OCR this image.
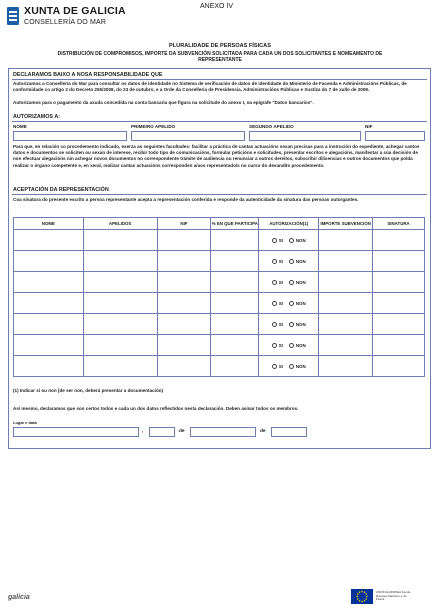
XUNTA DE GALICIA
CONSELLERÍA DO MAR
ANEXO IV
PLURALIDADE DE PERSOAS FÍSICAS
DISTRIBUCIÓN DE COMPROMISOS, IMPORTE DA SUBVENCIÓN SOLICITADA PARA CADA UN DOS SOLICITANTES E NOMEAMENTO DE REPRESENTANTE
DECLARAMOS BAIXO A NOSA RESPONSABILIDADE QUE
Autorizamos a Consellería do Mar para consultar os datos de identidade no Sistema de verificación de datos de identidade do Ministerio de Facenda e Administracións Públicas, de conformidade co artigo 2 do Decreto 255/2008, do 23 de outubro, e a Orde da Consellería de Presidencia, Administracións Públicas e Xustiza do 7 de xullo de 2009.
Autorizamos para o pagamento da axuda concedida na conta bancaria que figura na solicitude do anexo I, na epígrafe "Datos bancarios".
AUTORIZAMOS A:
NOME	PRIMEIRO APELIDO	SEGUNDO APELIDO	NIF
Para que, en relación co procedemento indicado, exerza as seguintes facultades: facilitar a práctica de cantas actuacións sexan precisas para a instrución do expediente, achegar cantos datos e documentos se soliciten ou sexan de interese, recibir todo tipo de comunicacións, formular peticións e solicitudes, presentar escritos e alegacións, manifestar a súa decisión de non efectuar alegacións nin achegar novos documentos no correspondente trámite de audiencia ou renunciar a outros dereitos, subscribir dilixencias e outros documentos que polda realizar o órgano competente e, en xeral, realizar cantas actuacións corresponden a/aos representado/s no curso do devandito procedemento.
ACEPTACIÓN DA REPRESENTACIÓN
Coa sinatura do presente escrito a persoa representante acepta a representación conferida e responde da autenticidade da sinatura das persoas outorgantes.
NOME	APELIDOS	NIF	% EN QUE PARTICIPA	AUTORIZACIÓN(1)	IMPORTE SUBVENCIÓN	SINATURA

				SI NON		

				SI NON		

				SI NON		

				SI NON		

				SI NON		

				SI NON		

				SI NON		

(1) Indicar si ou non (de ser non, deberá presentar a documentación)
Así mesmo, declaramos que son certos todos e cada un dos datos reflectidos nesta declaración. Deben asinar todos os membros.
Lugar e data
,	de	de
galicia
UNIÓN EUROPEA Fondo Europeo Marítimo e de Pesca
